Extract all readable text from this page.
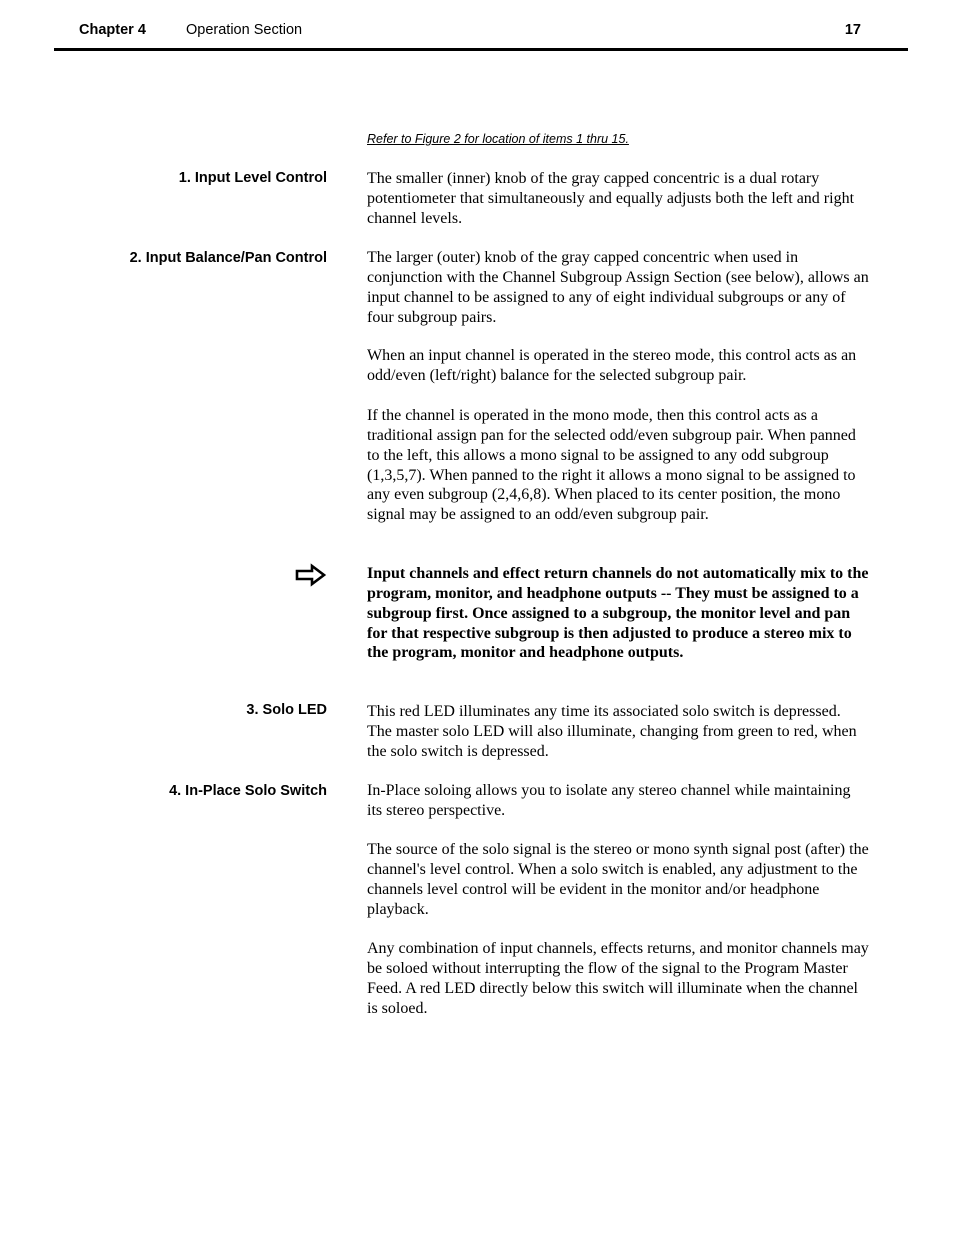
Chapter 4	Operation Section	17
Refer to Figure 2 for location of items 1 thru 15.
1. Input Level Control	The smaller (inner) knob of the gray capped concentric is a dual rotary potentiometer that simultaneously and equally adjusts both the left and right channel levels.

2. Input Balance/Pan Control	The larger (outer) knob of the gray capped concentric when used in conjunction with the Channel Subgroup Assign Section (see below), allows an input channel to be assigned to any of eight individual subgroups or any of four subgroup pairs.

When an input channel is operated in the stereo mode, this control acts as an odd/even (left/right) balance for the selected subgroup pair.

If the channel is operated in the mono mode, then this control acts as a traditional assign pan for the selected odd/even subgroup pair. When panned to the left, this allows a mono signal to be assigned to any odd subgroup (1,3,5,7). When panned to the right it allows a mono signal to be assigned to any even subgroup (2,4,6,8). When placed to its center position, the mono signal may be assigned to an odd/even subgroup pair.

Input channels and effect return channels do not automatically mix to the program, monitor, and headphone outputs -- They must be assigned to a subgroup first. Once assigned to a subgroup, the monitor level and pan for that respective subgroup is then adjusted to produce a stereo mix to the program, monitor and headphone outputs.

3. Solo LED	This red LED illuminates any time its associated solo switch is depressed. The master solo LED will also illuminate, changing from green to red, when the solo switch is depressed.

4. In-Place Solo Switch	In-Place soloing allows you to isolate any stereo channel while maintaining its stereo perspective.

The source of the solo signal is the stereo or mono synth signal post (after) the channel's level control. When a solo switch is enabled, any adjustment to the channels level control will be evident in the monitor and/or headphone playback.

Any combination of input channels, effects returns, and monitor channels may be soloed without interrupting the flow of the signal to the Program Master Feed. A red LED directly below this switch will illuminate when the channel is soloed.
